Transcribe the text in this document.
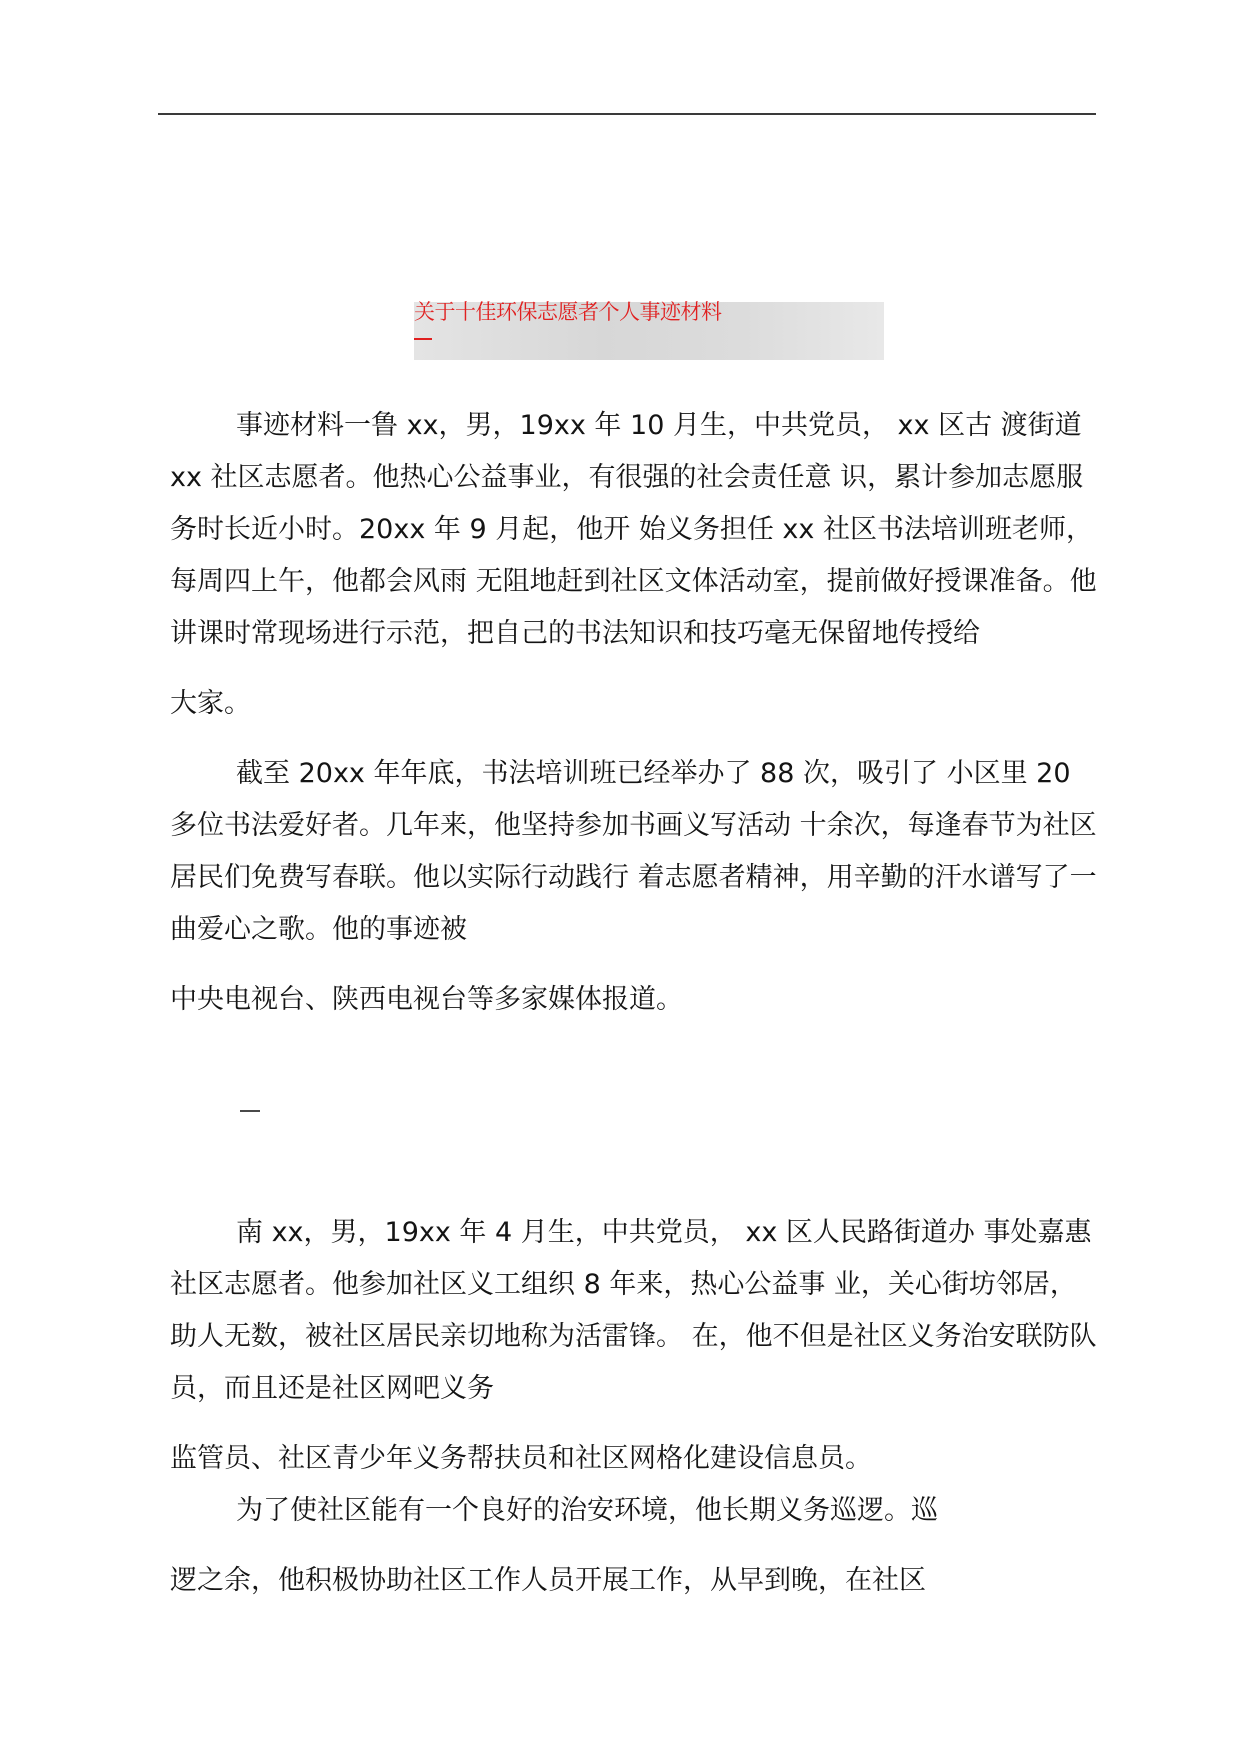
关于十佳环保志愿者个人事迹材料

事迹材料一鲁 xx，男，19xx 年 10 月生，中共党员， xx 区古 渡街道 xx 社区志愿者。他热心公益事业，有很强的社会责任意 识，累计参加志愿服务时长近小时。20xx 年 9 月起，他开 始义务担任 xx 社区书法培训班老师，每周四上午，他都会风雨 无阻地赶到社区文体活动室，提前做好授课准备。他讲课时常现场进行示范，把自己的书法知识和技巧毫无保留地传授给

大家。

截至 20xx 年年底，书法培训班已经举办了 88 次，吸引了 小区里 20 多位书法爱好者。几年来，他坚持参加书画义写活动 十余次，每逢春节为社区居民们免费写春联。他以实际行动践行 着志愿者精神，用辛勤的汗水谱写了一曲爱心之歌。他的事迹被

中央电视台、陕西电视台等多家媒体报道。

南 xx，男，19xx 年 4 月生，中共党员， xx 区人民路街道办 事处嘉惠社区志愿者。他参加社区义工组织 8 年来，热心公益事 业，关心街坊邻居，助人无数，被社区居民亲切地称为活雷锋。 在，他不但是社区义务治安联防队员，而且还是社区网吧义务

监管员、社区青少年义务帮扶员和社区网格化建设信息员。

为了使社区能有一个良好的治安环境，他长期义务巡逻。巡

逻之余，他积极协助社区工作人员开展工作，从早到晚，在社区
